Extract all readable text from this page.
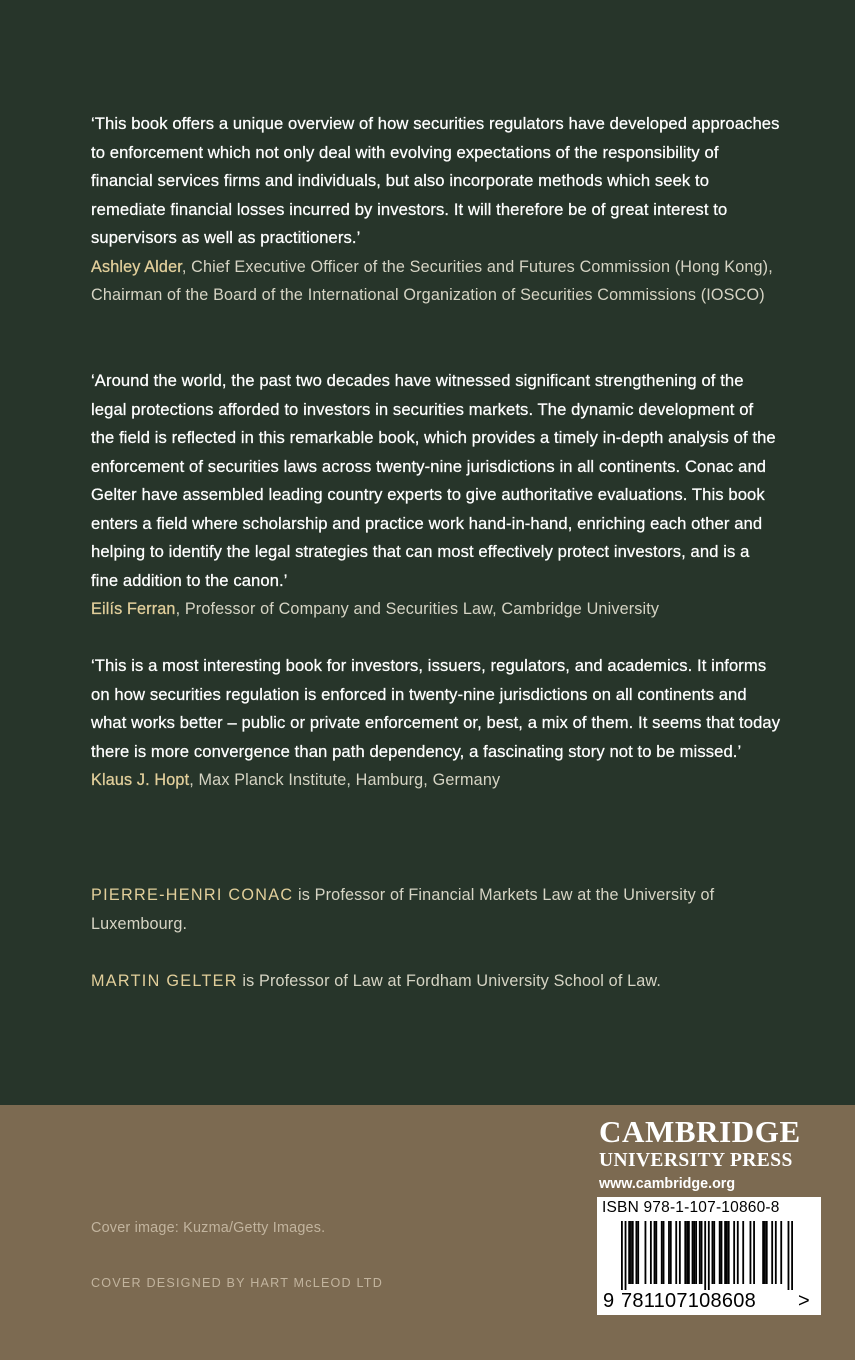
‘This book offers a unique overview of how securities regulators have developed approaches to enforcement which not only deal with evolving expectations of the responsibility of financial services firms and individuals, but also incorporate methods which seek to remediate financial losses incurred by investors. It will therefore be of great interest to supervisors as well as practitioners.’
Ashley Alder, Chief Executive Officer of the Securities and Futures Commission (Hong Kong), Chairman of the Board of the International Organization of Securities Commissions (IOSCO)
‘Around the world, the past two decades have witnessed significant strengthening of the legal protections afforded to investors in securities markets. The dynamic development of the field is reflected in this remarkable book, which provides a timely in-depth analysis of the enforcement of securities laws across twenty-nine jurisdictions in all continents. Conac and Gelter have assembled leading country experts to give authoritative evaluations. This book enters a field where scholarship and practice work hand-in-hand, enriching each other and helping to identify the legal strategies that can most effectively protect investors, and is a fine addition to the canon.’
Eilís Ferran, Professor of Company and Securities Law, Cambridge University
‘This is a most interesting book for investors, issuers, regulators, and academics. It informs on how securities regulation is enforced in twenty-nine jurisdictions on all continents and what works better – public or private enforcement or, best, a mix of them. It seems that today there is more convergence than path dependency, a fascinating story not to be missed.’
Klaus J. Hopt, Max Planck Institute, Hamburg, Germany
PIERRE-HENRI CONAC is Professor of Financial Markets Law at the University of Luxembourg.
MARTIN GELTER is Professor of Law at Fordham University School of Law.
Cover image: Kuzma/Getty Images.
COVER DESIGNED BY HART McLEOD LTD
CAMBRIDGE
UNIVERSITY PRESS
www.cambridge.org
ISBN 978-1-107-10860-8
9 781107108608 >
